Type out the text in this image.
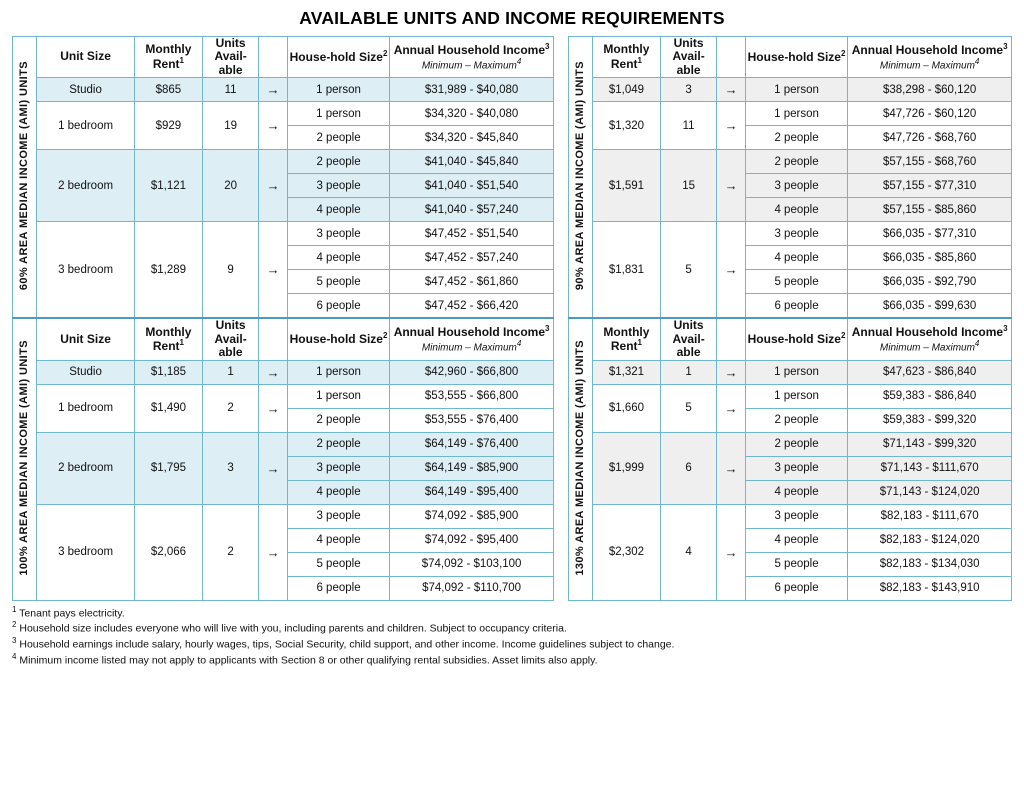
AVAILABLE UNITS AND INCOME REQUIREMENTS
60% AREA MEDIAN INCOME (AMI) UNITS	Unit Size	Monthly Rent$^1$	Units Avail-able		House-hold Size$^2$	Annual Household Income$^3$
Minimum – Maximum$^4$		90% AREA MEDIAN INCOME (AMI) UNITS	Monthly Rent$^1$	Units Avail-able		House-hold Size$^2$	Annual Household Income$^3$
Minimum – Maximum$^4$

	Studio	$865	11	→	1 person	$31,989 - $40,080			$1,049	3	→	1 person	$38,298 - $60,120
	1 bedroom	$929	19	→	1 person	$34,320 - $40,080			$1,320	11	→	1 person	$47,726 - $60,120
					2 people	$34,320 - $45,840						2 people	$47,726 - $68,760
	2 bedroom	$1,121	20	→	2 people	$41,040 - $45,840			$1,591	15	→	2 people	$57,155 - $68,760
					3 people	$41,040 - $51,540						3 people	$57,155 - $77,310
					4 people	$41,040 - $57,240						4 people	$57,155 - $85,860
	3 bedroom	$1,289	9	→	3 people	$47,452 - $51,540			$1,831	5	→	3 people	$66,035 - $77,310
					4 people	$47,452 - $57,240						4 people	$66,035 - $85,860
					5 people	$47,452 - $61,860						5 people	$66,035 - $92,790
					6 people	$47,452 - $66,420						6 people	$66,035 - $99,630
100% AREA MEDIAN INCOME (AMI) UNITS	Unit Size	Monthly Rent$^1$	Units Avail-able		House-hold Size$^2$	Annual Household Income$^3$
Minimum – Maximum$^4$		130% AREA MEDIAN INCOME (AMI) UNITS	Monthly Rent$^1$	Units Avail-able		House-hold Size$^2$	Annual Household Income$^3$
Minimum – Maximum$^4$

	Studio	$1,185	1	→	1 person	$42,960 - $66,800			$1,321	1	→	1 person	$47,623 - $86,840
	1 bedroom	$1,490	2	→	1 person	$53,555 - $66,800			$1,660	5	→	1 person	$59,383 - $86,840
					2 people	$53,555 - $76,400						2 people	$59,383 - $99,320
	2 bedroom	$1,795	3	→	2 people	$64,149 - $76,400			$1,999	6	→	2 people	$71,143 - $99,320
					3 people	$64,149 - $85,900						3 people	$71,143 - $111,670
					4 people	$64,149 - $95,400						4 people	$71,143 - $124,020
	3 bedroom	$2,066	2	→	3 people	$74,092 - $85,900			$2,302	4	→	3 people	$82,183 - $111,670
					4 people	$74,092 - $95,400						4 people	$82,183 - $124,020
					5 people	$74,092 - $103,100						5 people	$82,183 - $134,030
					6 people	$74,092 - $110,700						6 people	$82,183 - $143,910
$^1$ Tenant pays electricity.
$^2$ Household size includes everyone who will live with you, including parents and children. Subject to occupancy criteria.
$^3$ Household earnings include salary, hourly wages, tips, Social Security, child support, and other income. Income guidelines subject to change.
$^4$ Minimum income listed may not apply to applicants with Section 8 or other qualifying rental subsidies. Asset limits also apply.
